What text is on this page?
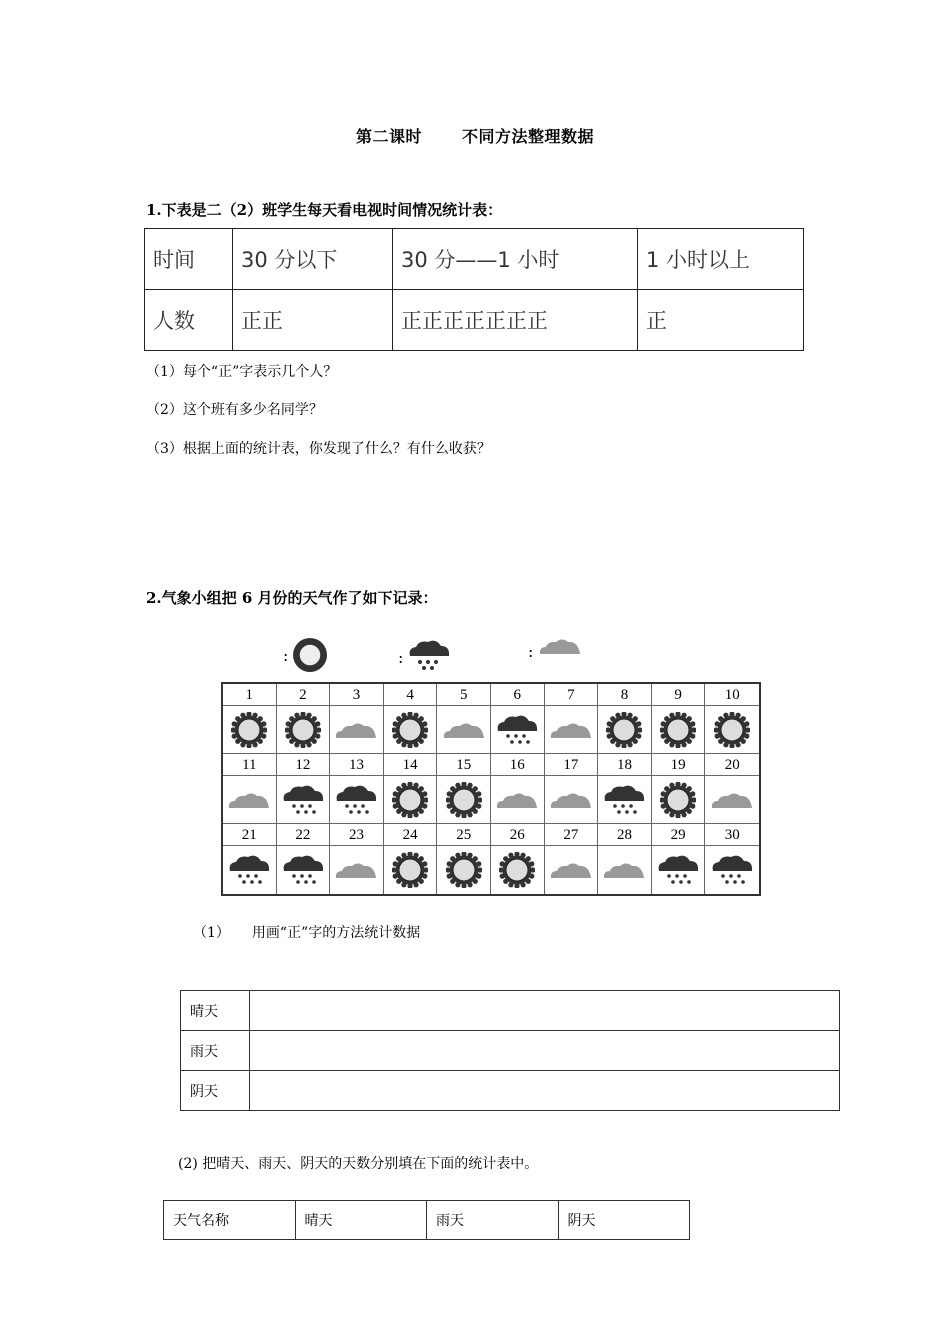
第二课时	不同方法整理数据
1.下表是二（2）班学生每天看电视时间情况统计表：
时间	30 分以下	30 分——1 小时	1 小时以上
人数	正正	正正正正正正正	正
（1）每个“正”字表示几个人？
（2）这个班有多少名同学？
（3）根据上面的统计表，你发现了什么？有什么收获？
2.气象小组把 6 月份的天气作了如下记录：
:	:	:
1	2	3	4	5	6	7	8	9	10
11	12	13	14	15	16	17	18	19	20
21	22	23	24	25	26	27	28	29	30
（1） 用画“正”字的方法统计数据
晴天	
雨天	
阴天	
(2) 把晴天、雨天、阴天的天数分别填在下面的统计表中。
天气名称	晴天	雨天	阴天
